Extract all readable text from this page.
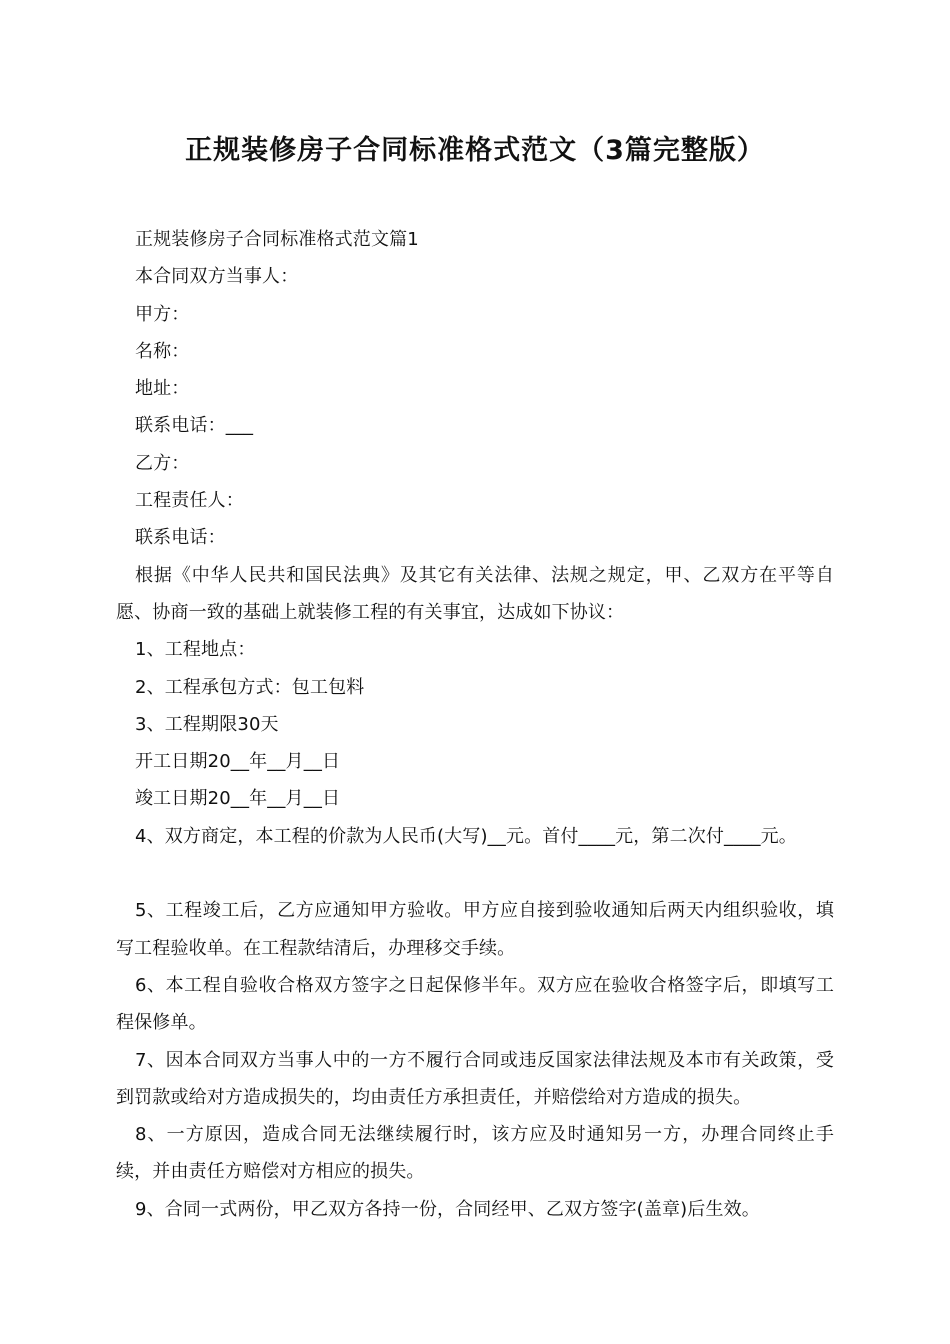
正规装修房子合同标准格式范文（3篇完整版）

正规装修房子合同标准格式范文篇1

本合同双方当事人：

甲方：

名称：

地址：

联系电话：___

乙方：

工程责任人：

联系电话：

根据《中华人民共和国民法典》及其它有关法律、法规之规定，甲、乙双方在平等自愿、协商一致的基础上就装修工程的有关事宜，达成如下协议：

1、工程地点：

2、工程承包方式：包工包料

3、工程期限30天

开工日期20__年__月__日

竣工日期20__年__月__日

4、双方商定，本工程的价款为人民币(大写)__元。首付____元，第二次付____元。

5、工程竣工后，乙方应通知甲方验收。甲方应自接到验收通知后两天内组织验收，填写工程验收单。在工程款结清后，办理移交手续。

6、本工程自验收合格双方签字之日起保修半年。双方应在验收合格签字后，即填写工程保修单。

7、因本合同双方当事人中的一方不履行合同或违反国家法律法规及本市有关政策，受到罚款或给对方造成损失的，均由责任方承担责任，并赔偿给对方造成的损失。

8、一方原因，造成合同无法继续履行时，该方应及时通知另一方，办理合同终止手续，并由责任方赔偿对方相应的损失。

9、合同一式两份，甲乙双方各持一份，合同经甲、乙双方签字(盖章)后生效。
